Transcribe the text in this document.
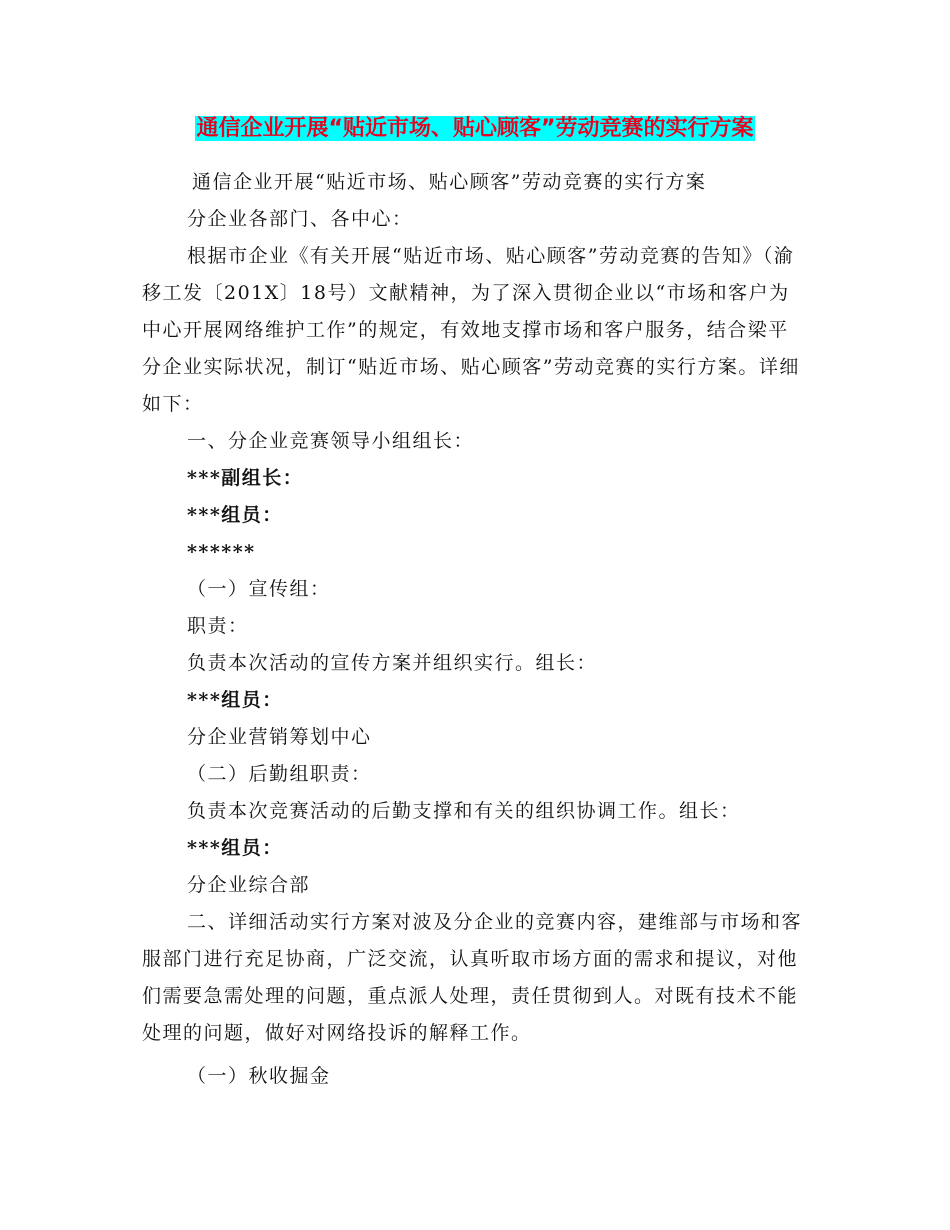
通信企业开展“贴近市场、贴心顾客”劳动竞赛的实行方案

通信企业开展“贴近市场、贴心顾客”劳动竞赛的实行方案

分企业各部门、各中心：

根据市企业《有关开展“贴近市场、贴心顾客”劳动竞赛的告知》（渝移工发〔201X〕18号）文献精神，为了深入贯彻企业以“市场和客户为中心开展网络维护工作”的规定，有效地支撑市场和客户服务，结合梁平分企业实际状况，制订“贴近市场、贴心顾客”劳动竞赛的实行方案。详细如下：

一、分企业竞赛领导小组组长：

***副组长：

***组员：

******

（一）宣传组：

职责：

负责本次活动的宣传方案并组织实行。组长：

***组员：

分企业营销筹划中心

（二）后勤组职责：

负责本次竞赛活动的后勤支撑和有关的组织协调工作。组长：

***组员：

分企业综合部

二、详细活动实行方案对波及分企业的竞赛内容，建维部与市场和客服部门进行充足协商，广泛交流，认真听取市场方面的需求和提议，对他们需要急需处理的问题，重点派人处理，责任贯彻到人。对既有技术不能处理的问题，做好对网络投诉的解释工作。

（一）秋收掘金
